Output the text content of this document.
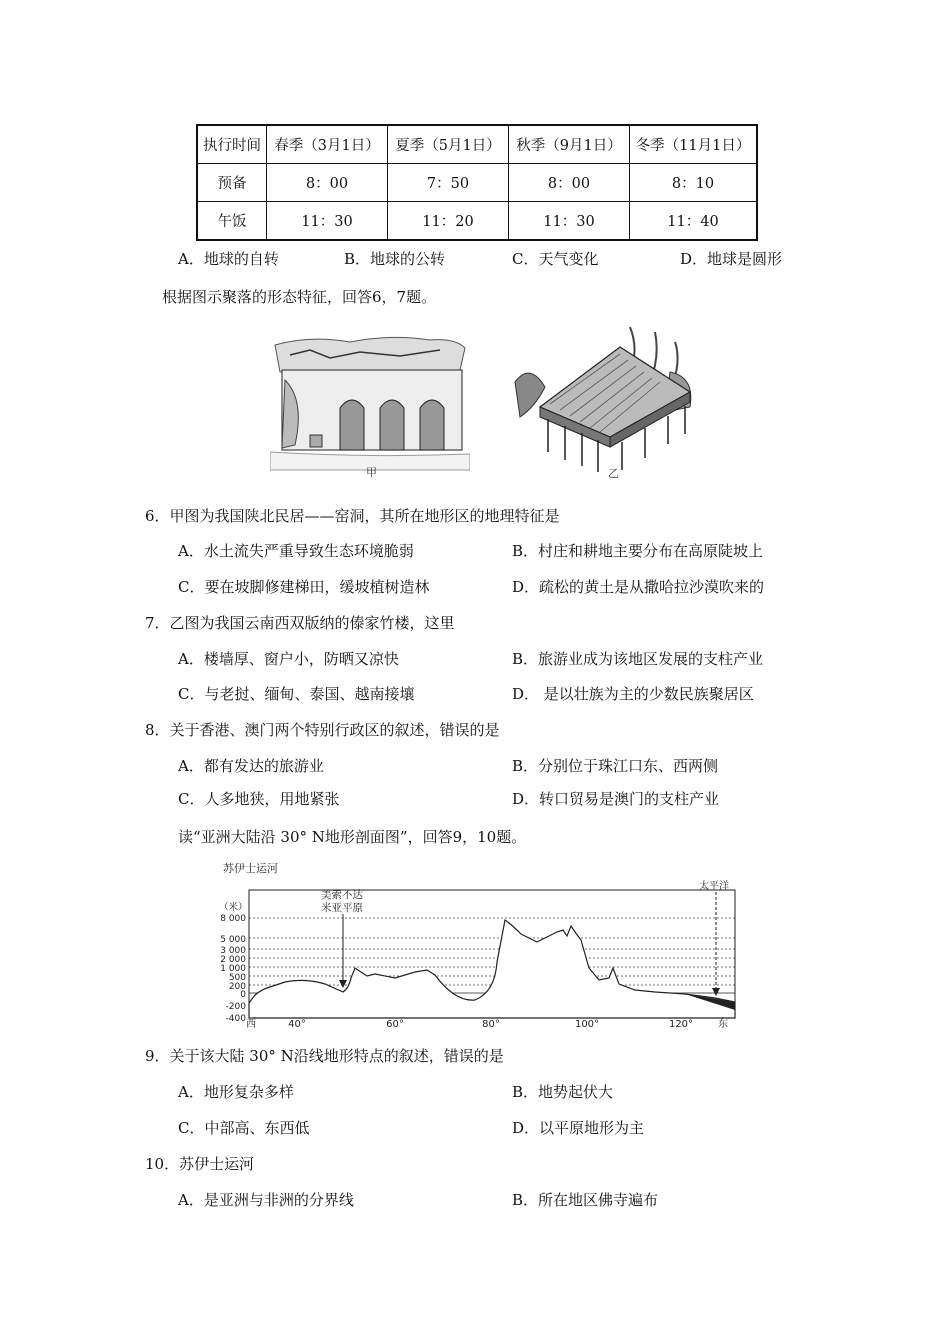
执行时间	春季（3月1日）	夏季（5月1日）	秋季（9月1日）	冬季（11月1日）
预备	8：00	7：50	8：00	8：10
午饭	11：30	11：20	11：30	11：40
A．地球的自转	B．地球的公转	C．天气变化	D．地球是圆形
根据图示聚落的形态特征，回答6，7题。
甲	乙
6．甲图为我国陕北民居——窑洞，其所在地形区的地理特征是
A．水土流失严重导致生态环境脆弱	B．村庄和耕地主要分布在高原陡坡上
C．要在坡脚修建梯田，缓坡植树造林	D．疏松的黄土是从撒哈拉沙漠吹来的
7．乙图为我国云南西双版纳的傣家竹楼，这里
A．楼墙厚、窗户小，防晒又凉快	B．旅游业成为该地区发展的支柱产业
C．与老挝、缅甸、泰国、越南接壤	D． 是以壮族为主的少数民族聚居区
8．关于香港、澳门两个特别行政区的叙述，错误的是
A．都有发达的旅游业	B．分别位于珠江口东、西两侧
C．人多地狭，用地紧张	D．转口贸易是澳门的支柱产业
读“亚洲大陆沿 30° N地形剖面图”，回答9，10题。
苏伊士运河
（米）
8 000
5 000
3 000
2 000
1 000
500
200
0
-200
-400	40°	60°	80°	100°	120°
西	东
美索不达
米亚平原
太平洋
9．关于该大陆 30° N沿线地形特点的叙述，错误的是
A．地形复杂多样	B．地势起伏大
C．中部高、东西低	D．以平原地形为主
10．苏伊士运河
A．是亚洲与非洲的分界线	B．所在地区佛寺遍布
